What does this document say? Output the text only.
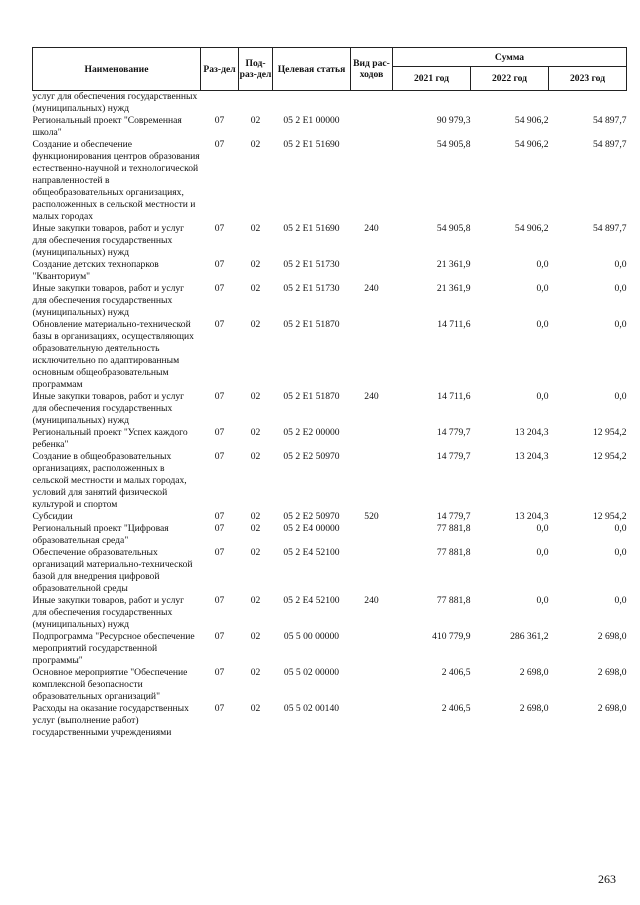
Наименование	Раз-дел	Под-раз-дел	Целевая статья	Вид рас-ходов	Сумма		
					2021 год	2022 год	2023 год
услуг для обеспечения государственных (муниципальных) нужд							
Региональный проект "Современная школа"	07	02	05 2 E1 00000		90 979,3	54 906,2	54 897,7
Создание и обеспечение функционирования центров образования естественно-научной и технологической направленностей в общеобразовательных организациях, расположенных в сельской местности и малых городах	07	02	05 2 E1 51690		54 905,8	54 906,2	54 897,7
Иные закупки товаров, работ и услуг для обеспечения государственных (муниципальных) нужд	07	02	05 2 E1 51690	240	54 905,8	54 906,2	54 897,7
Создание детских технопарков "Кванториум"	07	02	05 2 E1 51730		21 361,9	0,0	0,0
Иные закупки товаров, работ и услуг для обеспечения государственных (муниципальных) нужд	07	02	05 2 E1 51730	240	21 361,9	0,0	0,0
Обновление материально-технической базы в организациях, осуществляющих образовательную деятельность исключительно по адаптированным основным общеобразовательным программам	07	02	05 2 E1 51870		14 711,6	0,0	0,0
Иные закупки товаров, работ и услуг для обеспечения государственных (муниципальных) нужд	07	02	05 2 E1 51870	240	14 711,6	0,0	0,0
Региональный проект "Успех каждого ребенка"	07	02	05 2 E2 00000		14 779,7	13 204,3	12 954,2
Создание в общеобразовательных организациях, расположенных в сельской местности и малых городах, условий для занятий физической культурой и спортом	07	02	05 2 E2 50970		14 779,7	13 204,3	12 954,2
Субсидии	07	02	05 2 E2 50970	520	14 779,7	13 204,3	12 954,2
Региональный проект "Цифровая образовательная среда"	07	02	05 2 E4 00000		77 881,8	0,0	0,0
Обеспечение образовательных организаций материально-технической базой для внедрения цифровой образовательной среды	07	02	05 2 E4 52100		77 881,8	0,0	0,0
Иные закупки товаров, работ и услуг для обеспечения государственных (муниципальных) нужд	07	02	05 2 E4 52100	240	77 881,8	0,0	0,0
Подпрограмма "Ресурсное обеспечение мероприятий государственной программы"	07	02	05 5 00 00000		410 779,9	286 361,2	2 698,0
Основное мероприятие "Обеспечение комплексной безопасности образовательных организаций"	07	02	05 5 02 00000		2 406,5	2 698,0	2 698,0
Расходы на оказание государственных услуг (выполнение работ) государственными учреждениями	07	02	05 5 02 00140		2 406,5	2 698,0	2 698,0
263
